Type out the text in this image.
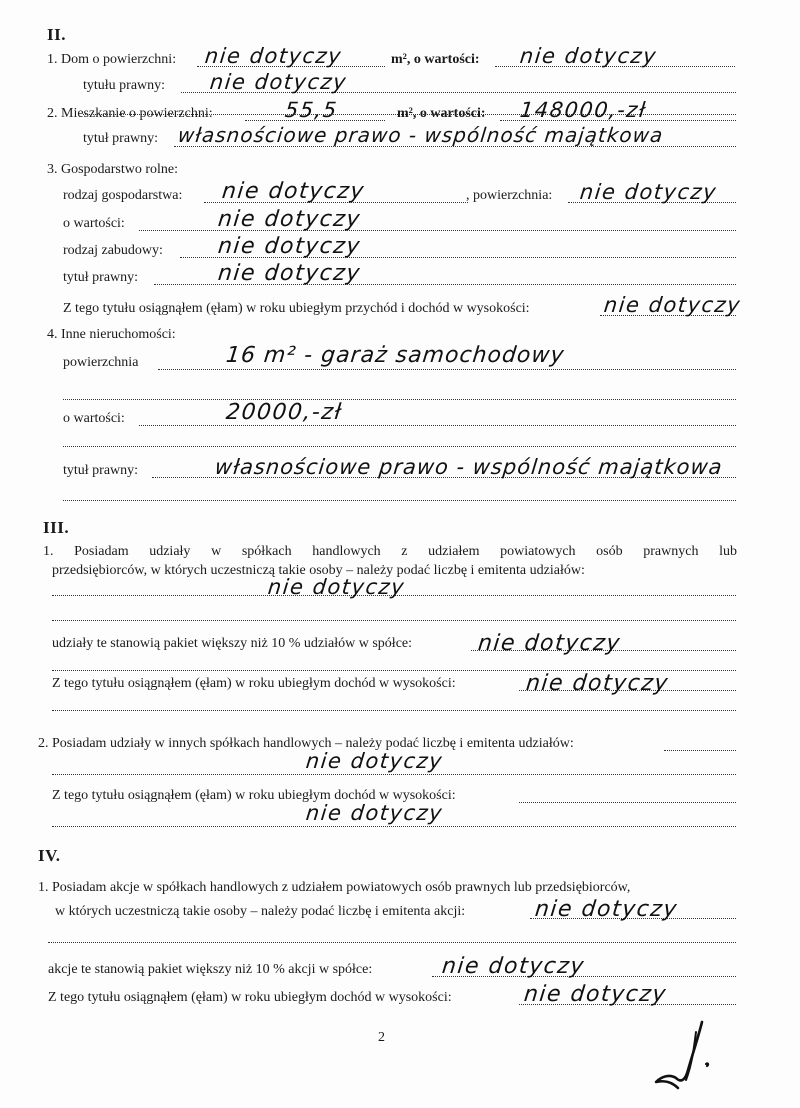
II.
1. Dom o powierzchni:	m², o wartości:
nie dotyczy	nie dotyczy
tytułu prawny: nie dotyczy
2. Mieszkanie o powierzchni:	m², o wartości:
55,5	148000,-zł
tytuł prawny: własnościowe prawo - wspólność majątkowa
3. Gospodarstwo rolne:
rodzaj gospodarstwa:	, powierzchnia:
nie dotyczy	nie dotyczy
o wartości:	nie dotyczy
rodzaj zabudowy: nie dotyczy
tytuł prawny:	nie dotyczy
Z tego tytułu osiągnąłem (ęłam) w roku ubiegłym przychód i dochód w wysokości:	nie dotyczy
4. Inne nieruchomości:
powierzchnia	16 m² - garaż samochodowy
o wartości:	20000,-zł
tytuł prawny:	własnościowe prawo - wspólność majątkowa
III.
1. Posiadam udziały w spółkach handlowych z udziałem powiatowych osób prawnych lub
przedsiębiorców, w których uczestniczą takie osoby – należy podać liczbę i emitenta udziałów:
nie dotyczy
udziały te stanowią pakiet większy niż 10 % udziałów w spółce:	nie dotyczy
Z tego tytułu osiągnąłem (ęłam) w roku ubiegłym dochód w wysokości:	nie dotyczy
2. Posiadam udziały w innych spółkach handlowych – należy podać liczbę i emitenta udziałów:
nie dotyczy
Z tego tytułu osiągnąłem (ęłam) w roku ubiegłym dochód w wysokości:
nie dotyczy
IV.
1. Posiadam akcje w spółkach handlowych z udziałem powiatowych osób prawnych lub przedsiębiorców,
w których uczestniczą takie osoby – należy podać liczbę i emitenta akcji:	nie dotyczy
akcje te stanowią pakiet większy niż 10 % akcji w spółce:	nie dotyczy
Z tego tytułu osiągnąłem (ęłam) w roku ubiegłym dochód w wysokości:	nie dotyczy
2
